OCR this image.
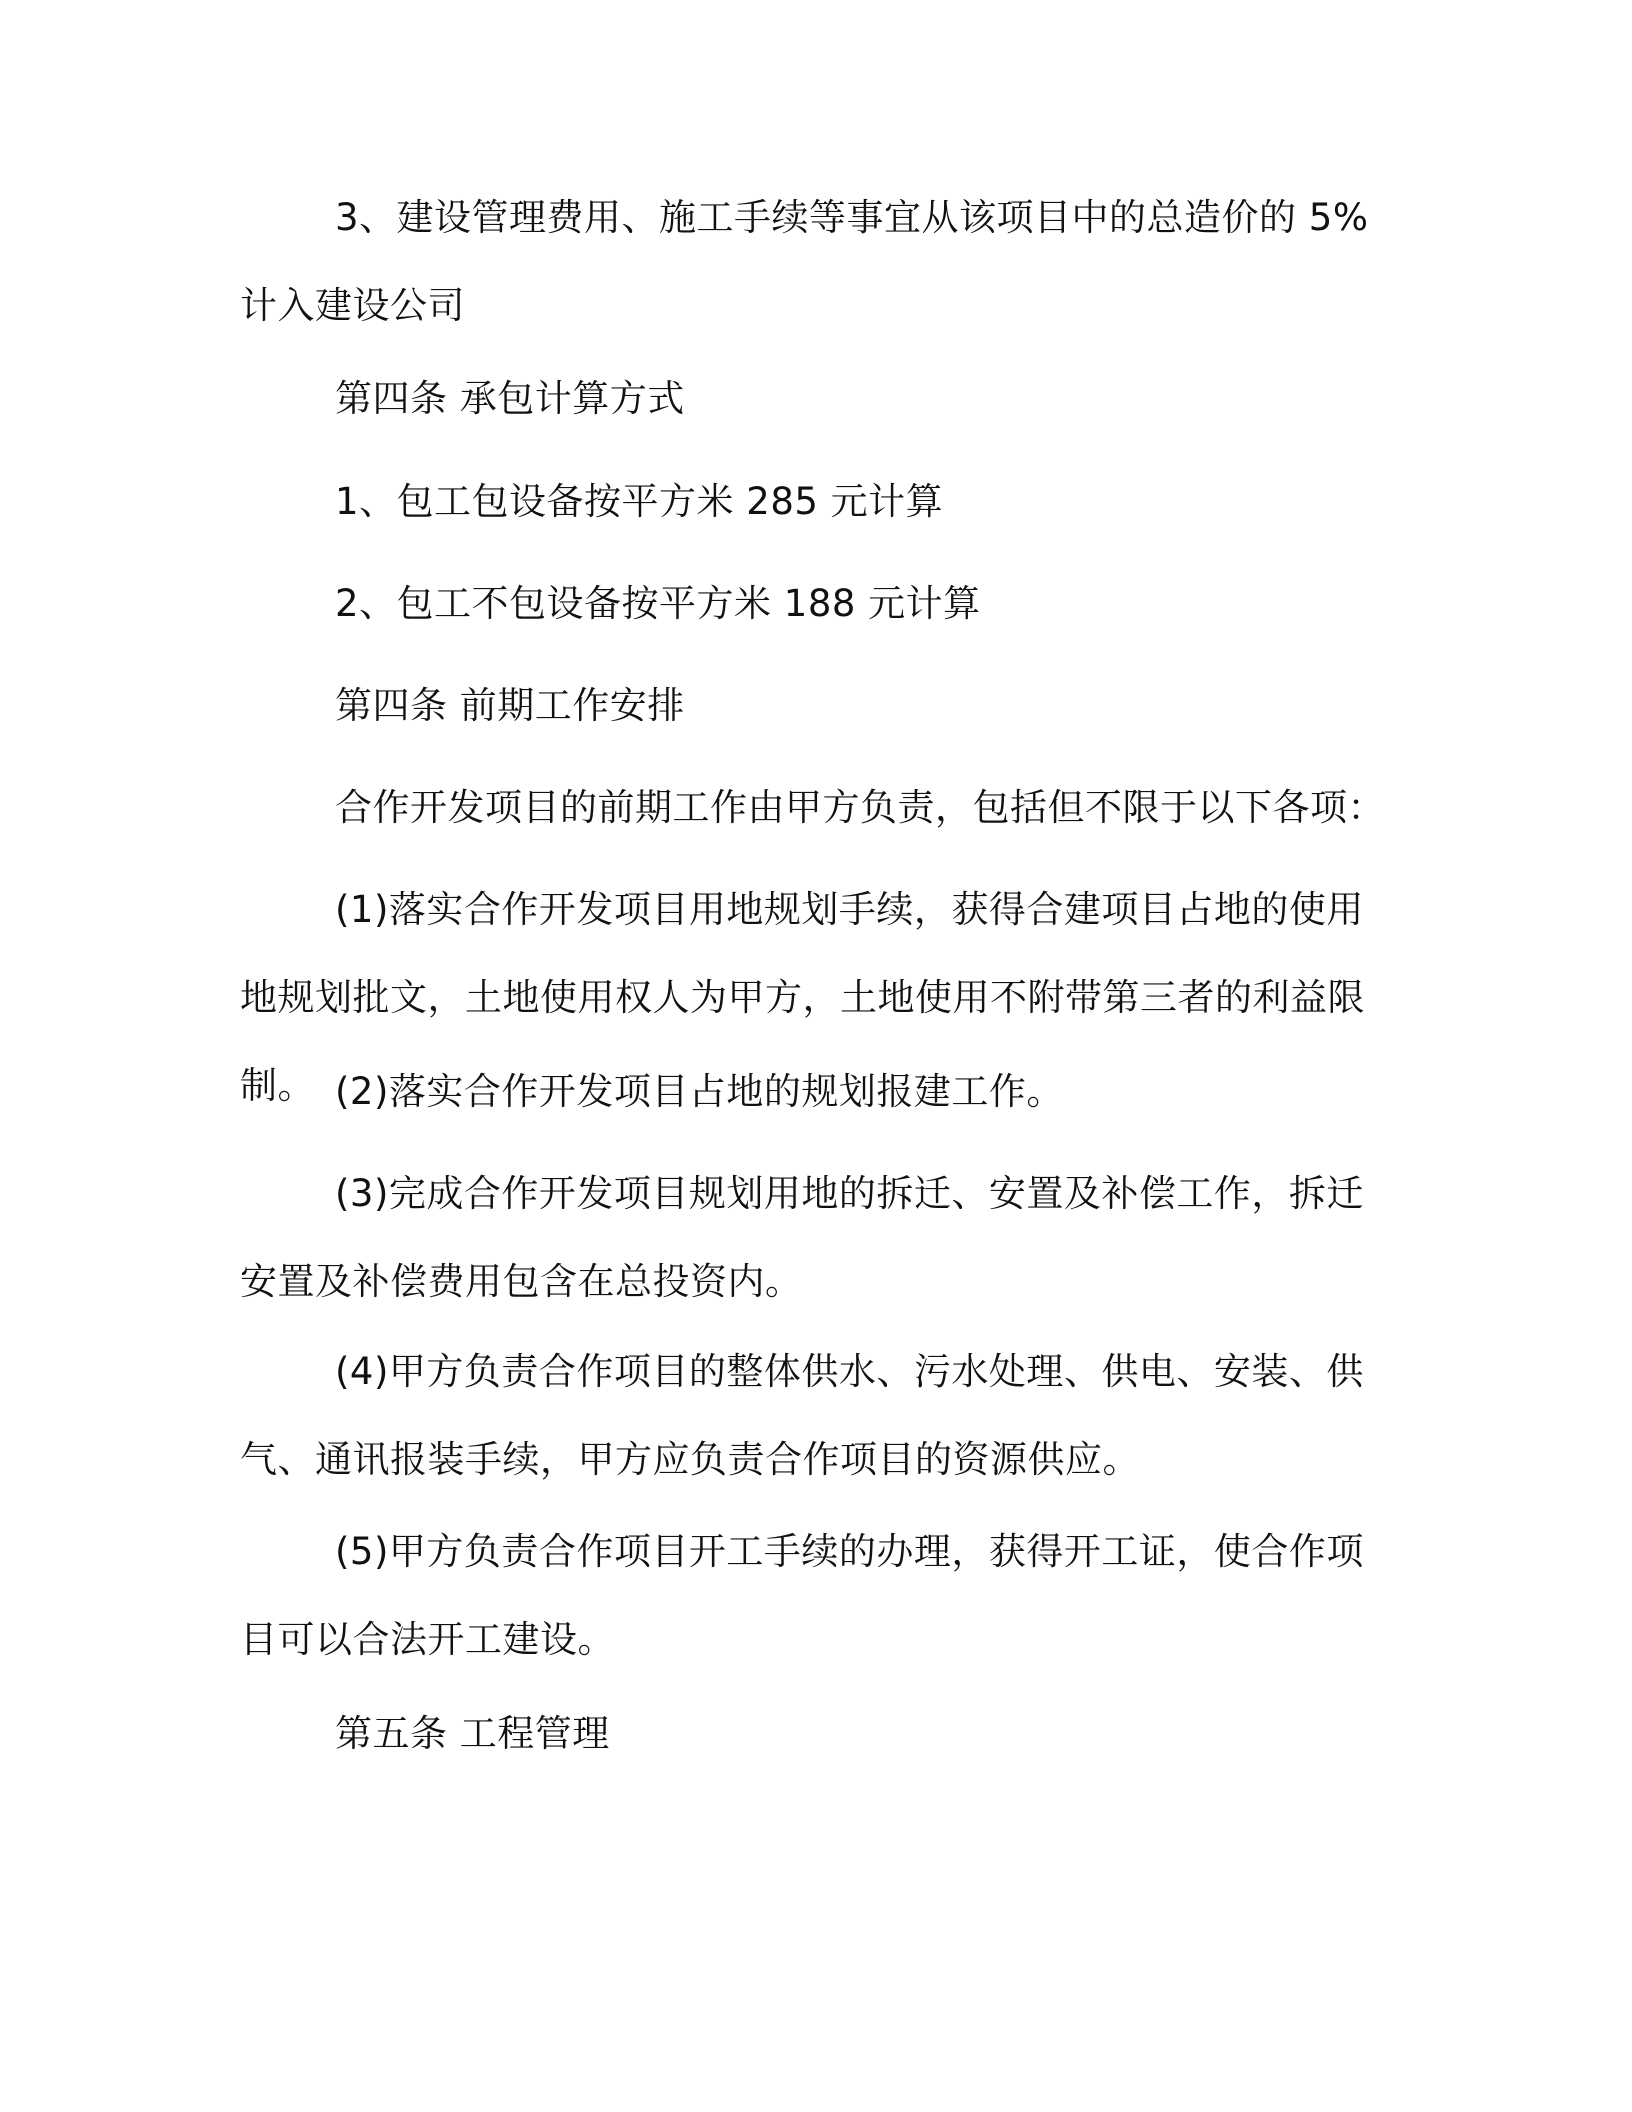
3、建设管理费用、施工手续等事宜从该项目中的总造价的 5%计入建设公司

第四条 承包计算方式

1、包工包设备按平方米 285 元计算

2、包工不包设备按平方米 188 元计算

第四条 前期工作安排

合作开发项目的前期工作由甲方负责，包括但不限于以下各项：

(1)落实合作开发项目用地规划手续，获得合建项目占地的使用地规划批文，土地使用权人为甲方，土地使用不附带第三者的利益限制。 (2)落实合作开发项目占地的规划报建工作。

(3)完成合作开发项目规划用地的拆迁、安置及补偿工作，拆迁安置及补偿费用包含在总投资内。

(4)甲方负责合作项目的整体供水、污水处理、供电、安装、供气、通讯报装手续，甲方应负责合作项目的资源供应。

(5)甲方负责合作项目开工手续的办理，获得开工证，使合作项目可以合法开工建设。

第五条 工程管理
